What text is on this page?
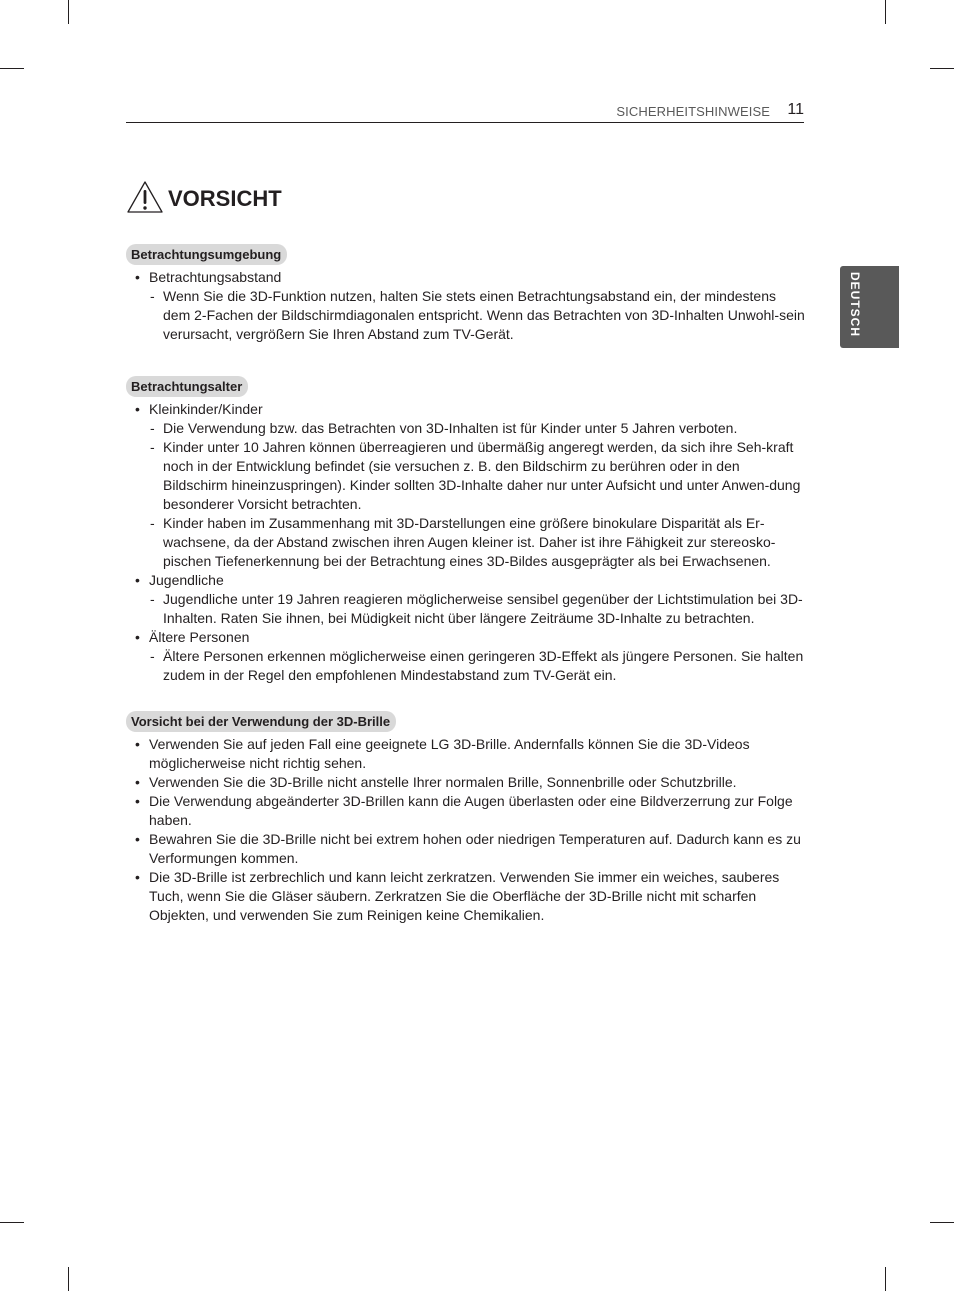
SICHERHEITSHINWEISE 11
DEUTSCH
VORSICHT
Betrachtungsumgebung
• Betrachtungsabstand
- Wenn Sie die 3D-Funktion nutzen, halten Sie stets einen Betrachtungsabstand ein, der mindestens dem 2-Fachen der Bildschirmdiagonalen entspricht. Wenn das Betrachten von 3D-Inhalten Unwohl-sein verursacht, vergrößern Sie Ihren Abstand zum TV-Gerät.
Betrachtungsalter
• Kleinkinder/Kinder
- Die Verwendung bzw. das Betrachten von 3D-Inhalten ist für Kinder unter 5 Jahren verboten.
- Kinder unter 10 Jahren können überreagieren und übermäßig angeregt werden, da sich ihre Seh-kraft noch in der Entwicklung befindet (sie versuchen z. B. den Bildschirm zu berühren oder in den Bildschirm hineinzuspringen). Kinder sollten 3D-Inhalte daher nur unter Aufsicht und unter Anwen-dung besonderer Vorsicht betrachten.
- Kinder haben im Zusammenhang mit 3D-Darstellungen eine größere binokulare Disparität als Er-wachsene, da der Abstand zwischen ihren Augen kleiner ist. Daher ist ihre Fähigkeit zur stereosko-pischen Tiefenerkennung bei der Betrachtung eines 3D-Bildes ausgeprägter als bei Erwachsenen.
• Jugendliche
- Jugendliche unter 19 Jahren reagieren möglicherweise sensibel gegenüber der Lichtstimulation bei 3D-Inhalten. Raten Sie ihnen, bei Müdigkeit nicht über längere Zeiträume 3D-Inhalte zu betrachten.
• Ältere Personen
- Ältere Personen erkennen möglicherweise einen geringeren 3D-Effekt als jüngere Personen. Sie halten zudem in der Regel den empfohlenen Mindestabstand zum TV-Gerät ein.
Vorsicht bei der Verwendung der 3D-Brille
• Verwenden Sie auf jeden Fall eine geeignete LG 3D-Brille. Andernfalls können Sie die 3D-Videos möglicherweise nicht richtig sehen.
• Verwenden Sie die 3D-Brille nicht anstelle Ihrer normalen Brille, Sonnenbrille oder Schutzbrille.
• Die Verwendung abgeänderter 3D-Brillen kann die Augen überlasten oder eine Bildverzerrung zur Folge haben.
• Bewahren Sie die 3D-Brille nicht bei extrem hohen oder niedrigen Temperaturen auf. Dadurch kann es zu Verformungen kommen.
• Die 3D-Brille ist zerbrechlich und kann leicht zerkratzen. Verwenden Sie immer ein weiches, sauberes Tuch, wenn Sie die Gläser säubern. Zerkratzen Sie die Oberfläche der 3D-Brille nicht mit scharfen Objekten, und verwenden Sie zum Reinigen keine Chemikalien.
